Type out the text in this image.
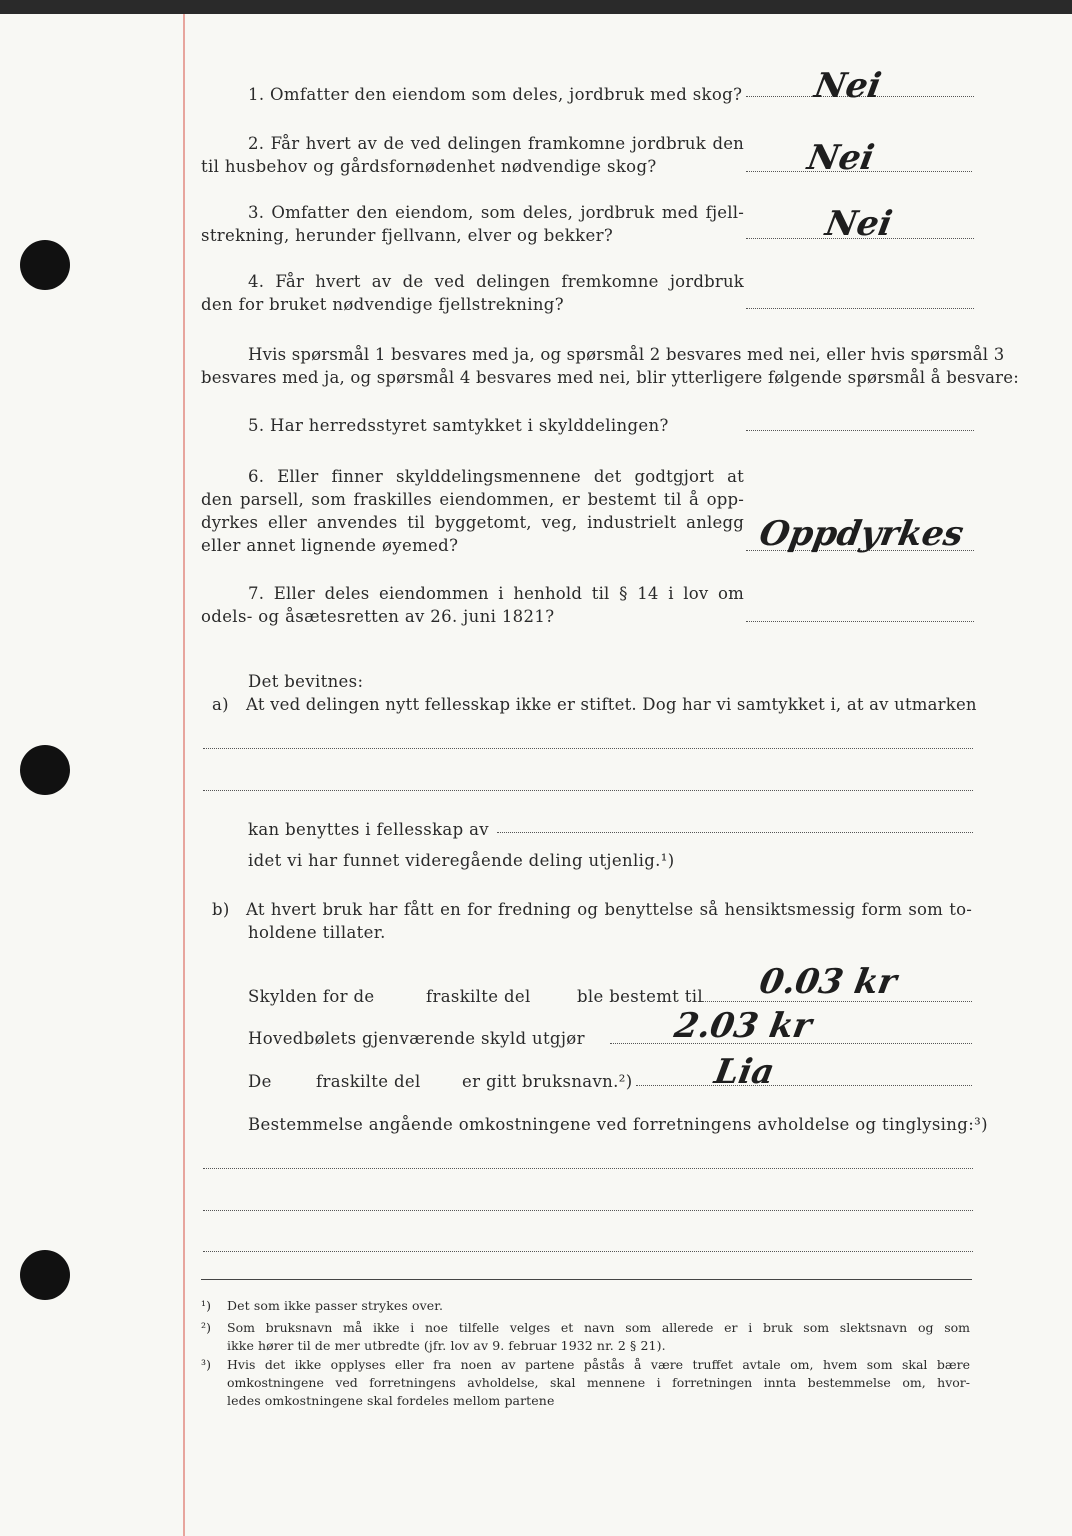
1. Omfatter den eiendom som deles, jordbruk med skog? Nei
2. Får hvert av de ved delingen framkomne jordbruk den
til husbehov og gårdsfornødenhet nødvendige skog?	Nei
3. Omfatter den eiendom, som deles, jordbruk med fjell-
strekning, herunder fjellvann, elver og bekker?	Nei
4. Får hvert av de ved delingen fremkomne jordbruk
den for bruket nødvendige fjellstrekning?
Hvis spørsmål 1 besvares med ja, og spørsmål 2 besvares med nei, eller hvis spørsmål 3
besvares med ja, og spørsmål 4 besvares med nei, blir ytterligere følgende spørsmål å besvare:
5. Har herredsstyret samtykket i skylddelingen?
6. Eller finner skylddelingsmennene det godtgjort at
den parsell, som fraskilles eiendommen, er bestemt til å opp-
dyrkes eller anvendes til byggetomt, veg, industrielt anlegg
eller annet lignende øyemed?	Oppdyrkes
7. Eller deles eiendommen i henhold til § 14 i lov om
odels- og åsætesretten av 26. juni 1821?
Det bevitnes:
a) At ved delingen nytt fellesskap ikke er stiftet. Dog har vi samtykket i, at av utmarken
kan benyttes i fellesskap av
idet vi har funnet videregående deling utjenlig.¹)
b) At hvert bruk har fått en for fredning og benyttelse så hensiktsmessig form som to-
holdene tillater.
Skylden for de	fraskilte del	ble bestemt til 0.03 kr
Hovedbølets gjenværende skyld utgjør	2.03 kr
De	fraskilte del	er gitt bruksnavn.²) Lia
Bestemmelse angående omkostningene ved forretningens avholdelse og tinglysing:³)
¹) Det som ikke passer strykes over.
²) Som bruksnavn må ikke i noe tilfelle velges et navn som allerede er i bruk som slektsnavn og som
ikke hører til de mer utbredte (jfr. lov av 9. februar 1932 nr. 2 § 21).
³) Hvis det ikke opplyses eller fra noen av partene påstås å være truffet avtale om, hvem som skal bære
omkostningene ved forretningens avholdelse, skal mennene i forretningen innta bestemmelse om, hvor-
ledes omkostningene skal fordeles mellom partene
